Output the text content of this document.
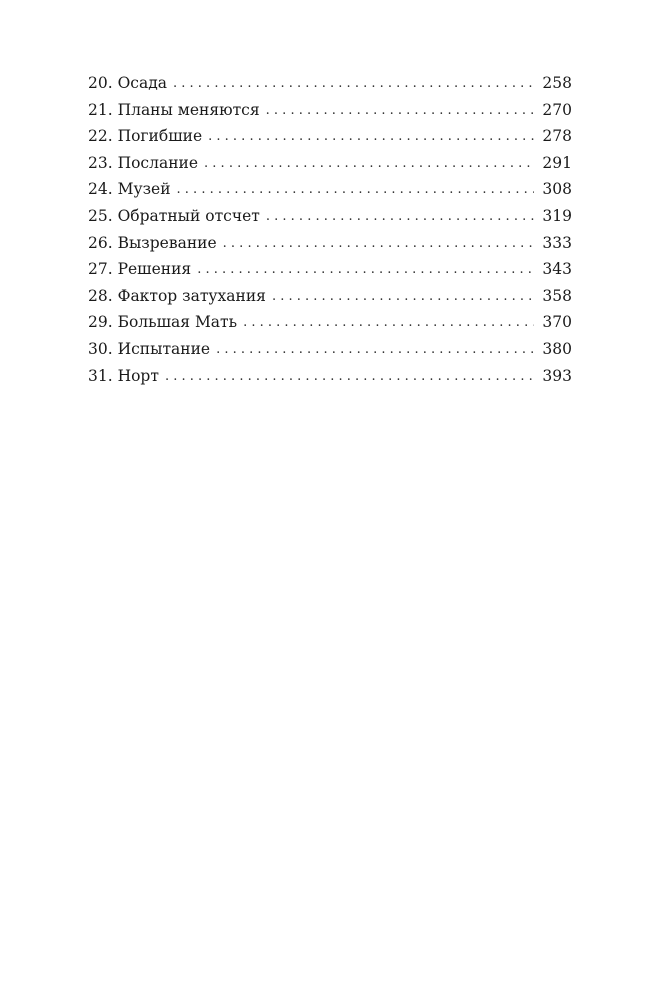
20. Осада . . .	258
21. Планы меняются . . .	270
22. Погибшие . . .	278
23. Послание . . .	291
24. Музей . . .	308
25. Обратный отсчет . . .	319
26. Вызревание . . .	333
27. Решения . . .	343
28. Фактор затухания . . .	358
29. Большая Мать . . .	370
30. Испытание . . .	380
31. Норт . . .	393
